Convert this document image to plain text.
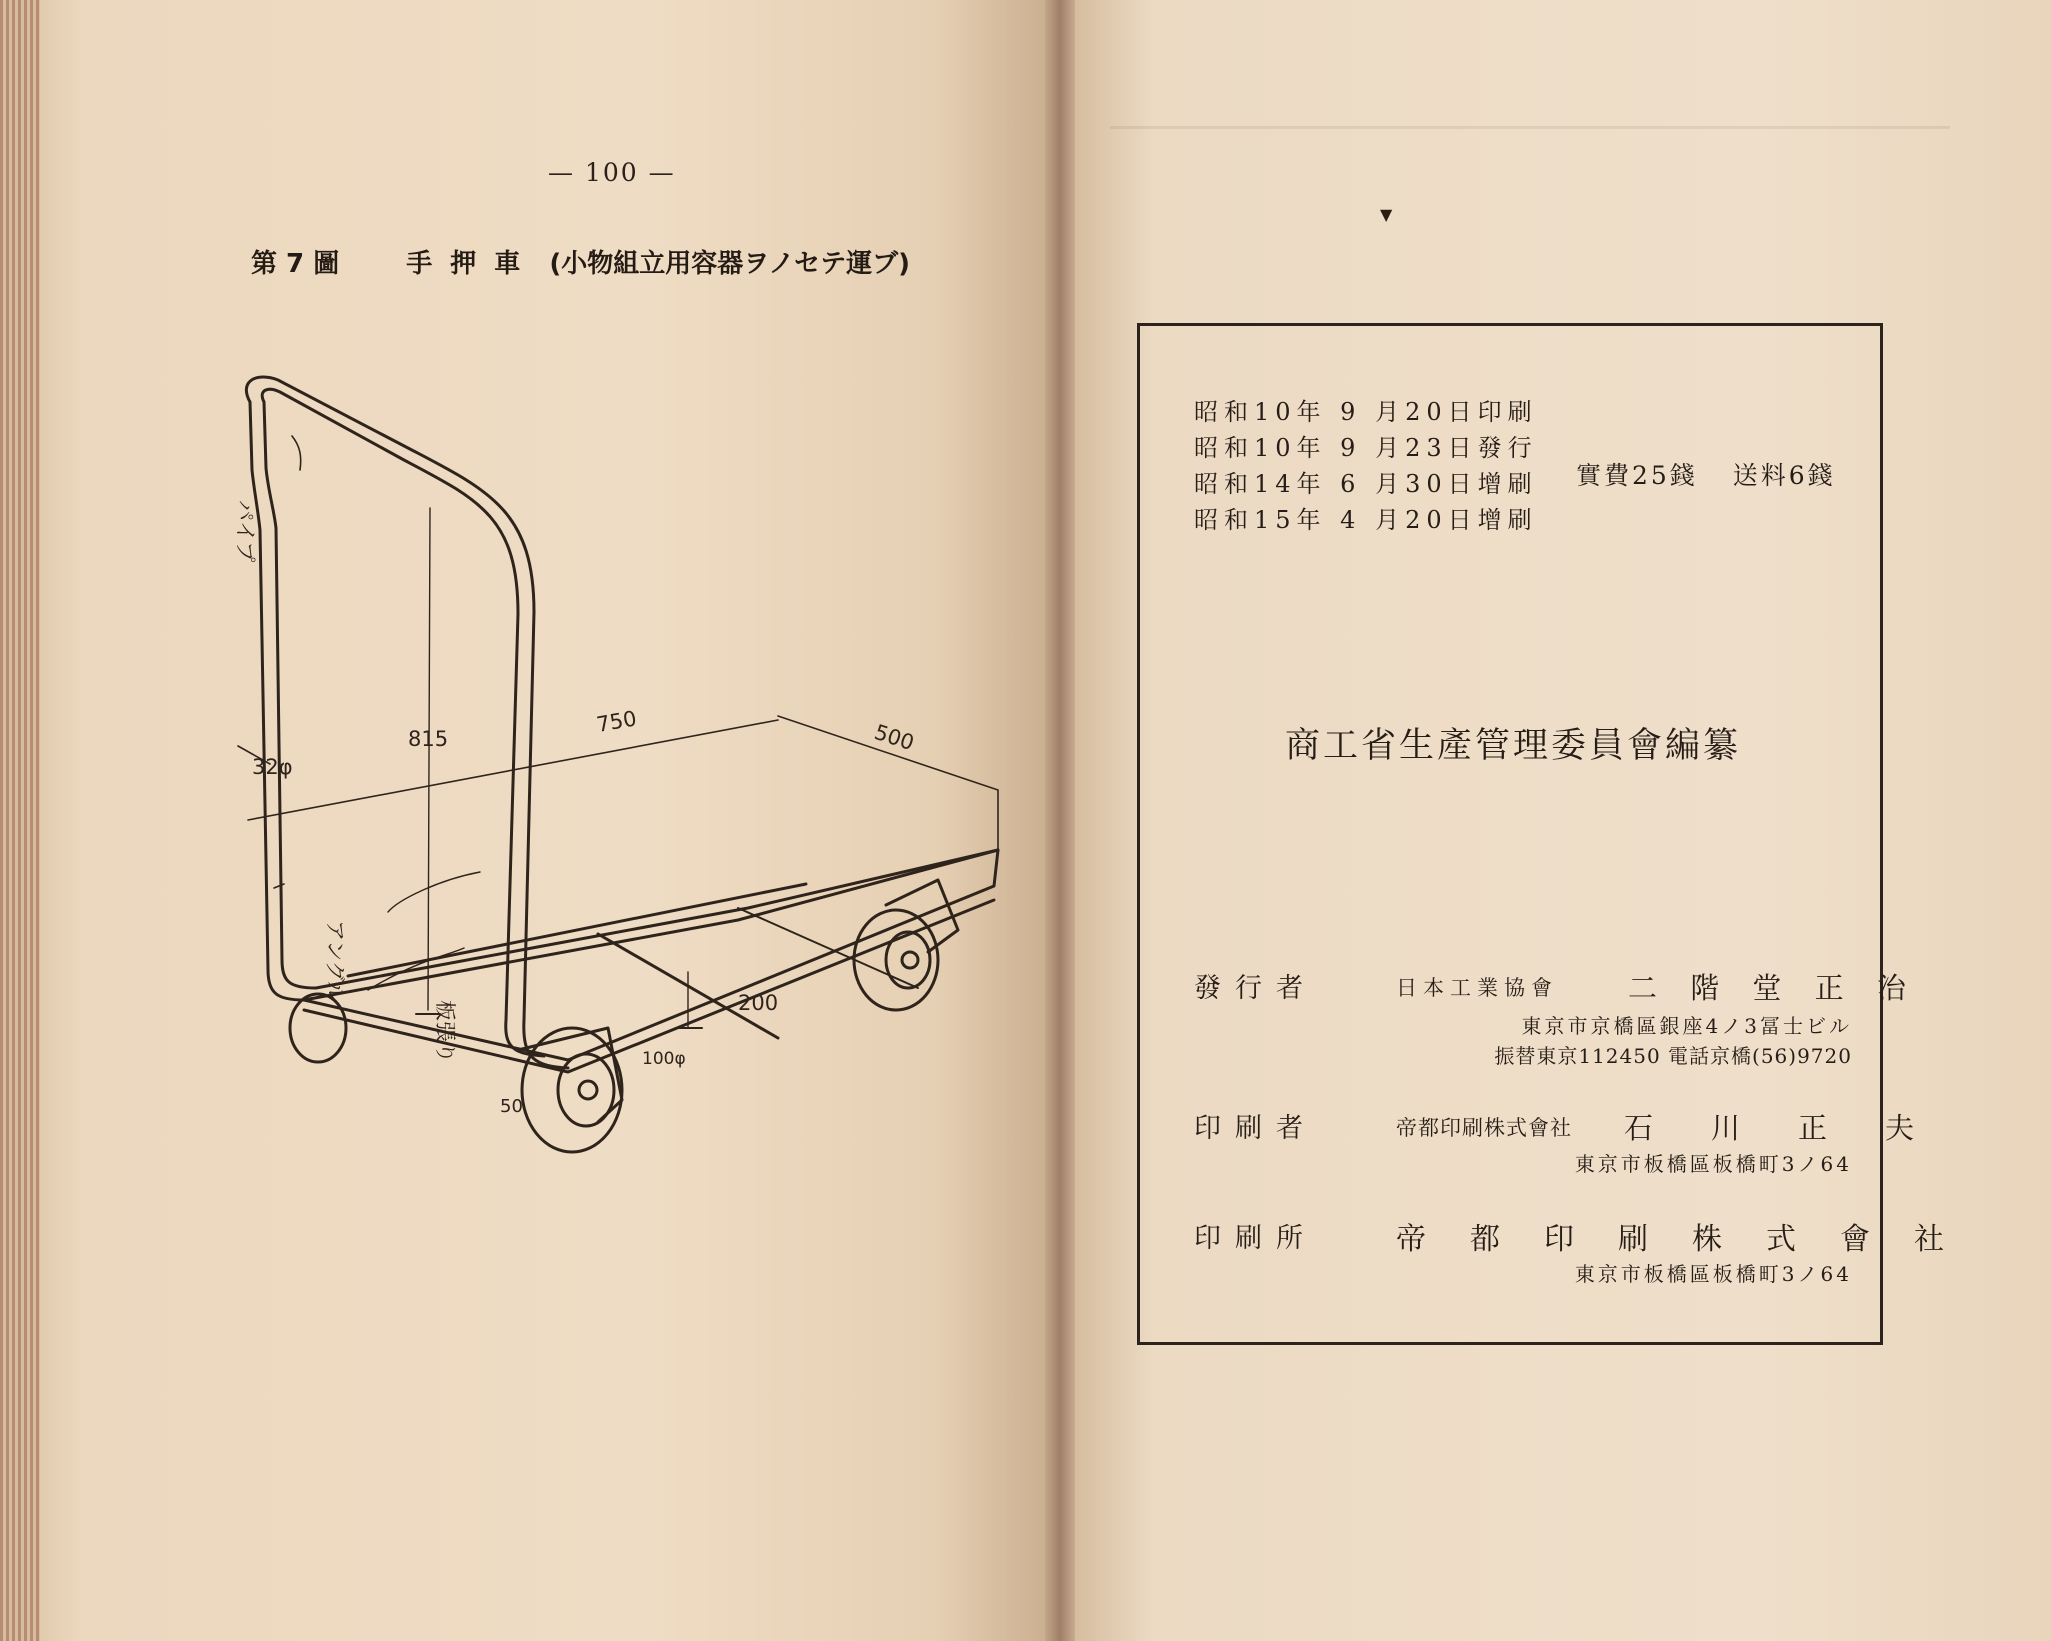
— 100 —
第 7 圖	手押車 (小物組立用容器ヲノセテ運ブ)
パイプ
32φ
815
750	500
アングル
板張り	200
100φ
50
▼
昭和10年 9 月20日印刷
昭和10年 9 月23日發行
昭和14年 6 月30日增刷
昭和15年 4 月20日增刷
實費25錢 送料6錢
商工省生產管理委員會編纂
發行者	日本工業協會 二 階 堂 正 治
東京市京橋區銀座4ノ3冨士ビル
振替東京112450 電話京橋(56)9720
印刷者	帝都印刷株式會社 石　　川　　正　　夫
東京市板橋區板橋町3ノ64
印刷所	帝都印刷株式會社
東京市板橋區板橋町3ノ64
